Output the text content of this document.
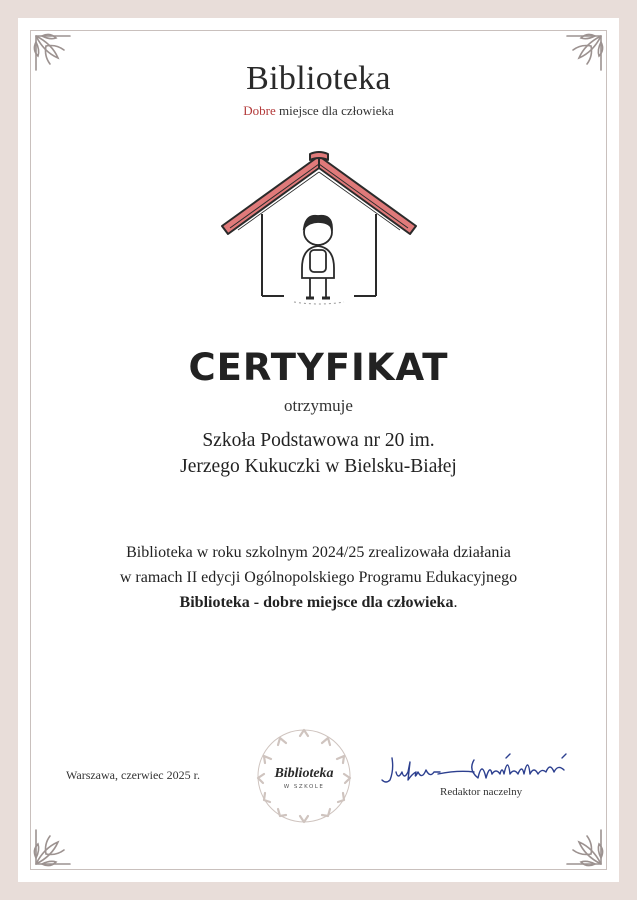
Biblioteka
Dobre miejsce dla człowieka
CERTYFIKAT
otrzymuje
Szkoła Podstawowa nr 20 im.
Jerzego Kukuczki w Bielsku-Białej
Biblioteka w roku szkolnym 2024/25 zrealizowała działania
w ramach II edycji Ogólnopolskiego Programu Edukacyjnego
Biblioteka - dobre miejsce dla człowieka.
Warszawa, czerwiec 2025 r.	Biblioteka
W SZKOLE	Redaktor naczelny
